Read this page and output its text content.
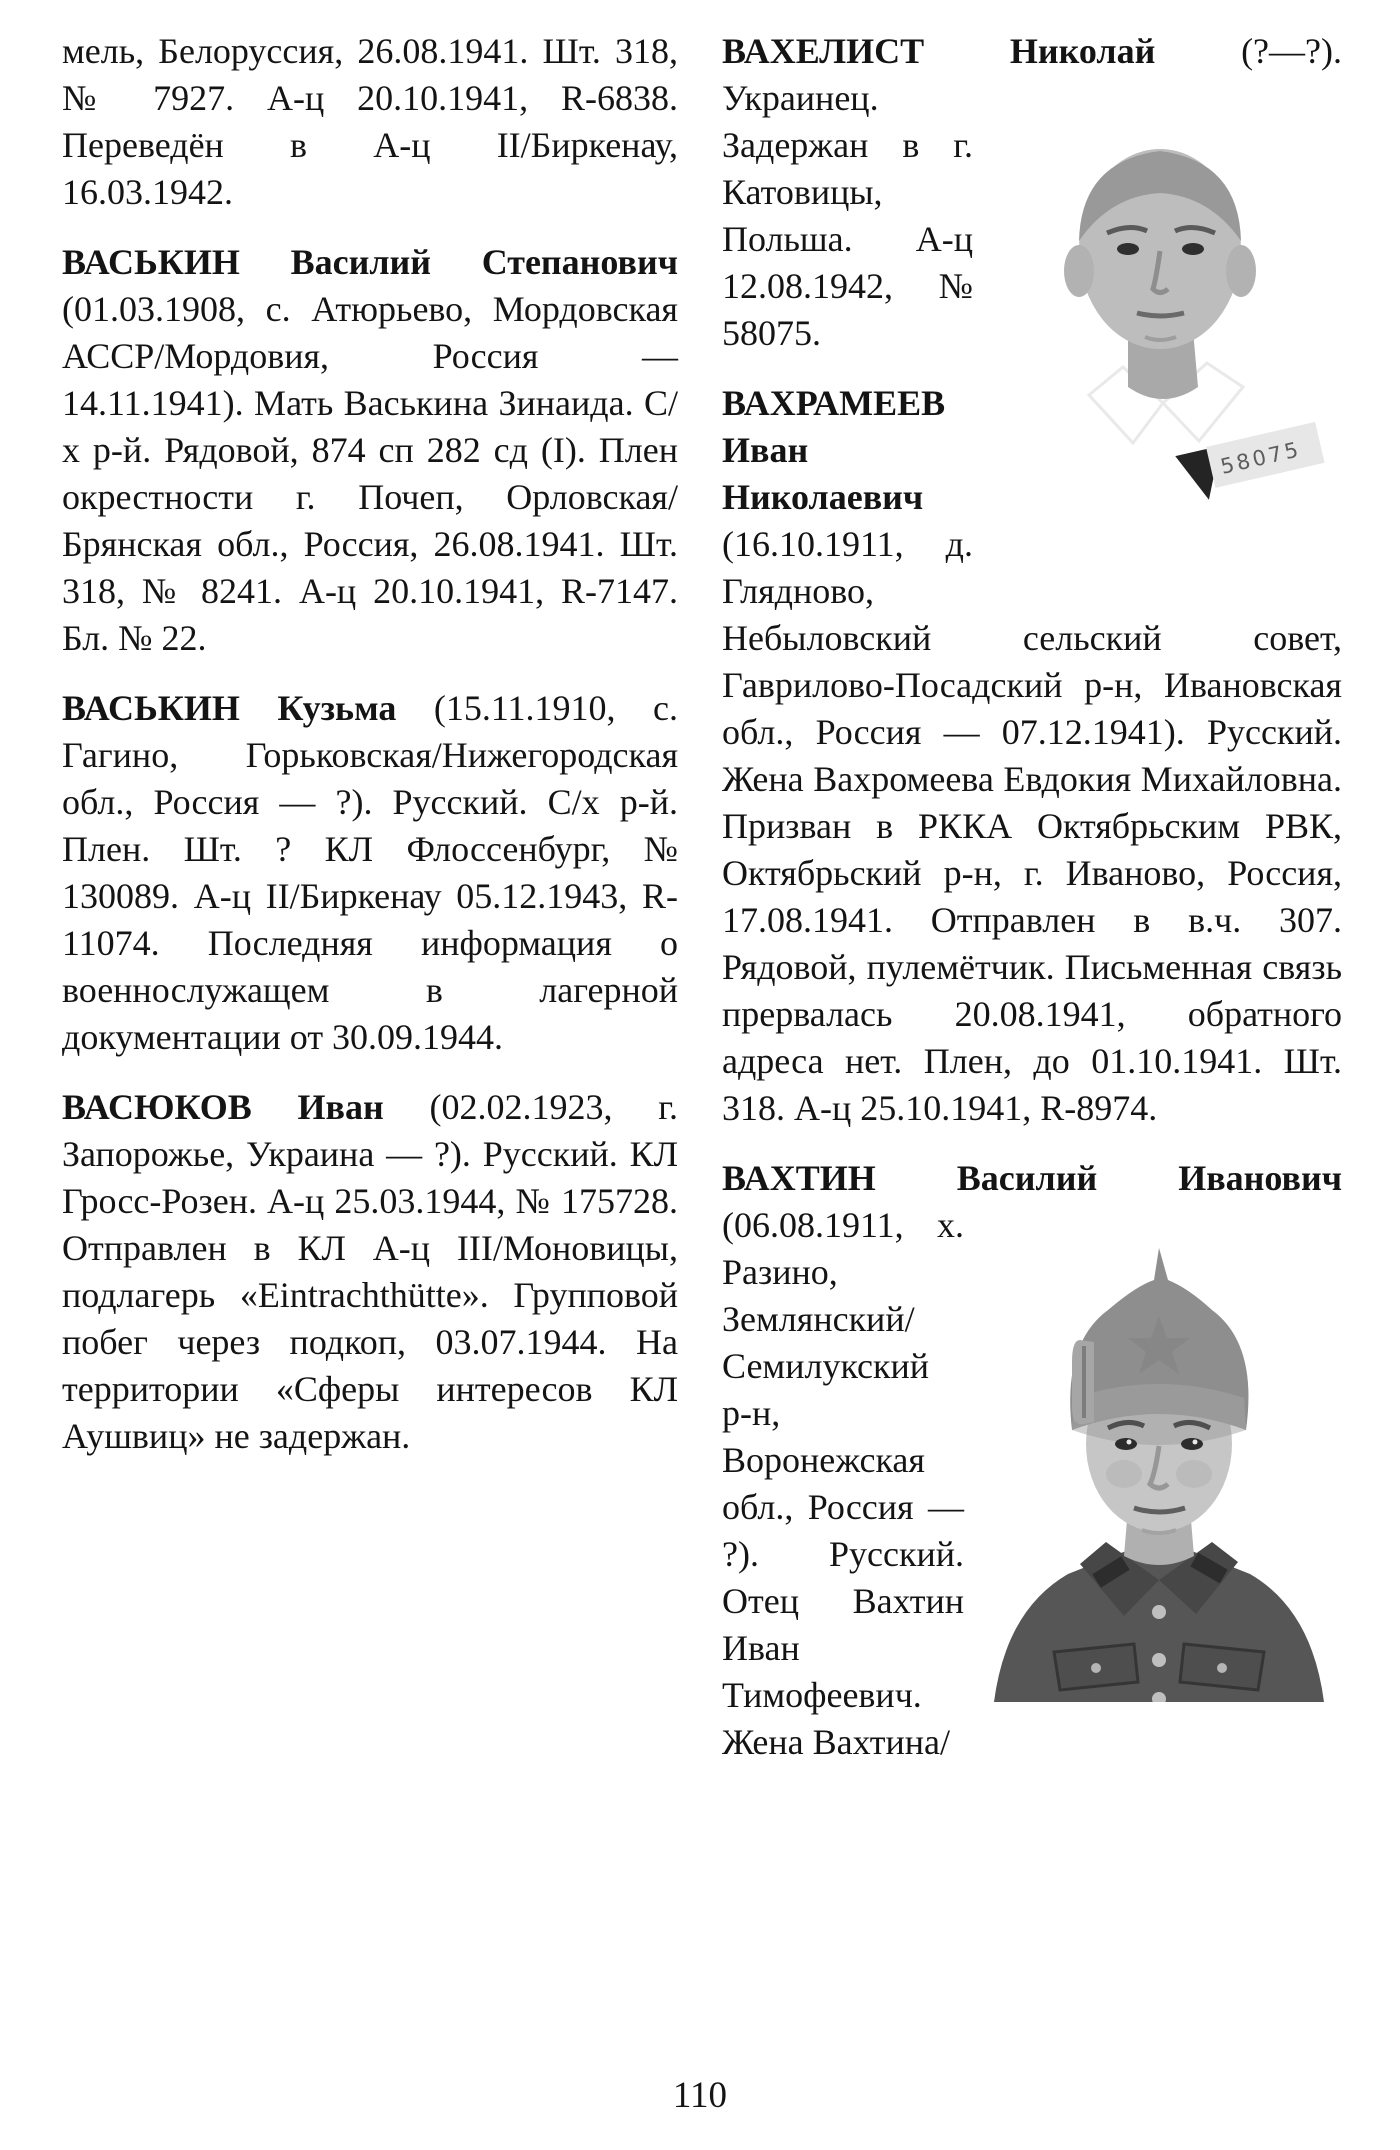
мель, Белоруссия, 26.08.1941. Шт. 318, № 7927. А-ц 20.10.1941, R-6838. Переведён в А-ц II/Биркенау, 16.03.1942.

ВАСЬКИН Василий Степанович (01.03.1908, с. Атюрьево, Мордовская АССР/Мордовия, Россия — 14.11.1941). Мать Васькина Зинаида. С/х р-й. Рядовой, 874 сп 282 сд (I). Плен окрестности г. Почеп, Орловская/Брянская обл., Россия, 26.08.1941. Шт. 318, № 8241. А-ц 20.10.1941, R-7147. Бл. № 22.

ВАСЬКИН Кузьма (15.11.1910, с. Гагино, Горьковская/Нижегородская обл., Россия — ?). Русский. С/х р-й. Плен. Шт. ? КЛ Флоссенбург, № 130089. А-ц II/Биркенау 05.12.1943, R-11074. Последняя информация о военнослужащем в лагерной документации от 30.09.1944.

ВАСЮКОВ Иван (02.02.1923, г. Запорожье, Украина — ?). Русский. КЛ Гросс-Розен. А-ц 25.03.1944, № 175728. Отправлен в КЛ А-ц III/Моновицы, подлагерь «Eintrachthütte». Групповой побег через подкоп, 03.07.1944. На территории «Сферы интересов КЛ Аушвиц» не задержан.

ВАХЕЛИСТ Николай
58075
(?—?). Украинец. Задержан в г. Катовицы, Польша. А-ц 12.08.1942, № 58075.

ВАХРАМЕЕВ Иван Николаевич (16.10.1911, д. Глядново, Небыловский сельский совет, Гаврилово-Посадский р-н, Ивановская обл., Россия — 07.12.1941). Русский. Жена Вахромеева Евдокия Михайловна. Призван в РККА Октябрьским РВК, Октябрьский р-н, г. Иваново, Россия, 17.08.1941. Отправлен в в.ч. 307. Рядовой, пулемётчик. Письменная связь прервалась 20.08.1941, обратного адреса нет. Плен, до 01.10.1941. Шт. 318. А-ц 25.10.1941, R-8974.

ВАХТИН Василий Иванович
(06.08.1911, х. Разино, Землянский/Семилукский р-н, Воронежская обл., Россия — ?). Русский. Отец Вахтин Иван Тимофеевич. Жена Вахтина/

110
